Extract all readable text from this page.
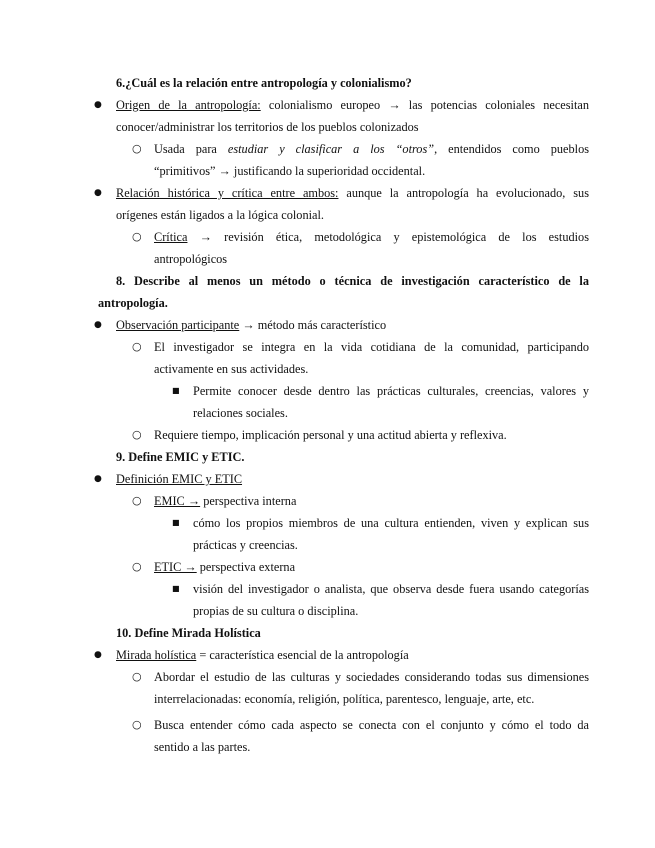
6.¿Cuál es la relación entre antropología y colonialismo?
● Origen de la antropología: colonialismo europeo → las potencias coloniales necesitan
conocer/administrar los territorios de los pueblos colonizados
○ Usada para estudiar y clasificar a los “otros”, entendidos como pueblos
“primitivos” → justificando la superioridad occidental.
● Relación histórica y crítica entre ambos: aunque la antropología ha evolucionado, sus
orígenes están ligados a la lógica colonial.
○ Crítica → revisión ética, metodológica y epistemológica de los estudios
antropológicos
8. Describe al menos un método o técnica de investigación característico de la
antropología.
● Observación participante → método más característico
○ El investigador se integra en la vida cotidiana de la comunidad, participando
activamente en sus actividades.
■ Permite conocer desde dentro las prácticas culturales, creencias, valores y
relaciones sociales.
○ Requiere tiempo, implicación personal y una actitud abierta y reflexiva.
9. Define EMIC y ETIC.
● Definición EMIC y ETIC
○ EMIC → perspectiva interna
■ cómo los propios miembros de una cultura entienden, viven y explican sus
prácticas y creencias.
○ ETIC → perspectiva externa
■ visión del investigador o analista, que observa desde fuera usando categorías
propias de su cultura o disciplina.
10. Define Mirada Holística
● Mirada holística = característica esencial de la antropología
○ Abordar el estudio de las culturas y sociedades considerando todas sus dimensiones
interrelacionadas: economía, religión, política, parentesco, lenguaje, arte, etc.
○ Busca entender cómo cada aspecto se conecta con el conjunto y cómo el todo da
sentido a las partes.
